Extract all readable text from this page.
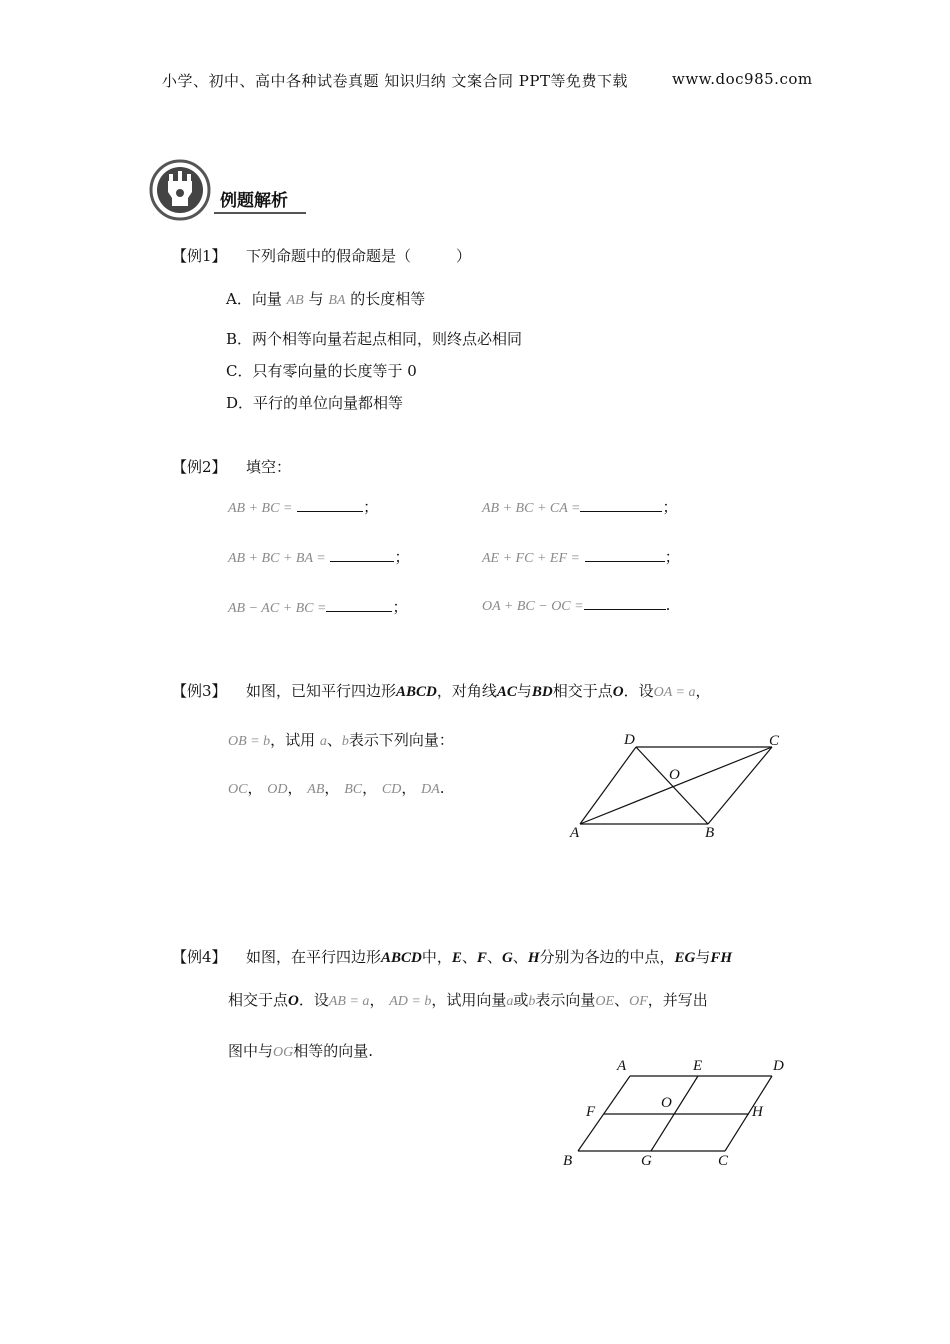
小学、初中、高中各种试卷真题 知识归纳 文案合同 PPT等免费下载	www.doc985.com
例题解析
【例1】 下列命题中的假命题是（　　　）
A．向量 AB 与 BA 的长度相等
B．两个相等向量若起点相同，则终点必相同
C．只有零向量的长度等于 0
D．平行的单位向量都相等
【例2】 填空：
AB + BC =	；	AB + BC + CA =	；
AB + BC + BA =	；	AE + FC + EF =	；
AB − AC + BC =	；	OA + BC − OC =	.
【例3】 如图，已知平行四边形ABCD，对角线AC与BD相交于点O．设OA = a，
OB = b，试用 a、b表示下列向量：
OC， OD， AB， BC， CD， DA.
A	B
C
D
O
【例4】 如图，在平行四边形ABCD中，E、F、G、H分别为各边的中点，EG与FH
相交于点O．设AB = a， AD = b，试用向量a或b表示向量OE、OF，并写出
图中与OG相等的向量.
A	E	D
F
O
H
B	G	C
